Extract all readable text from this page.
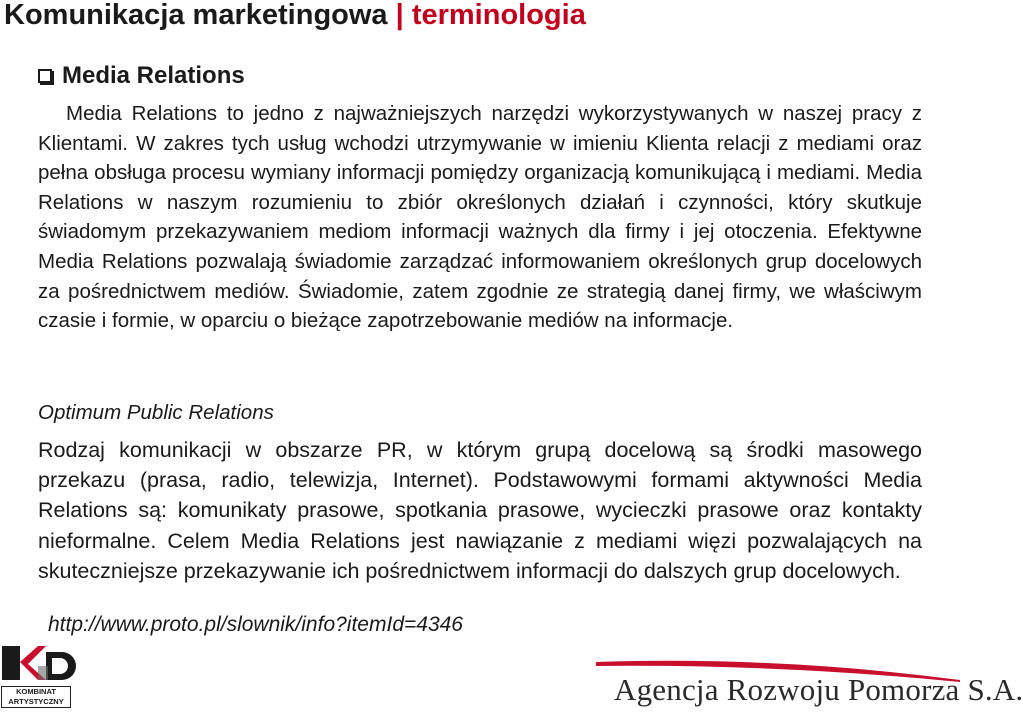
Komunikacja marketingowa | terminologia
Media Relations

Media Relations to jedno z najważniejszych narzędzi wykorzystywanych w naszej pracy z Klientami. W zakres tych usług wchodzi utrzymywanie w imieniu Klienta relacji z mediami oraz pełna obsługa procesu wymiany informacji pomiędzy organizacją komunikującą i mediami. Media Relations w naszym rozumieniu to zbiór określonych działań i czynności, który skutkuje świadomym przekazywaniem mediom informacji ważnych dla firmy i jej otoczenia. Efektywne Media Relations pozwalają świadomie zarządzać informowaniem określonych grup docelowych za pośrednictwem mediów. Świadomie, zatem zgodnie ze strategią danej firmy, we właściwym czasie i formie, w oparciu o bieżące zapotrzebowanie mediów na informacje.

Optimum Public Relations

Rodzaj komunikacji w obszarze PR, w którym grupą docelową są środki masowego przekazu (prasa, radio, telewizja, Internet). Podstawowymi formami aktywności Media Relations są: komunikaty prasowe, spotkania prasowe, wycieczki prasowe oraz kontakty nieformalne. Celem Media Relations jest nawiązanie z mediami więzi pozwalających na skuteczniejsze przekazywanie ich pośrednictwem informacji do dalszych grup docelowych.

http://www.proto.pl/slownik/info?itemId=4346
KOMBINAT
ARTYSTYCZNY	Agencja Rozwoju Pomorza S.A.
